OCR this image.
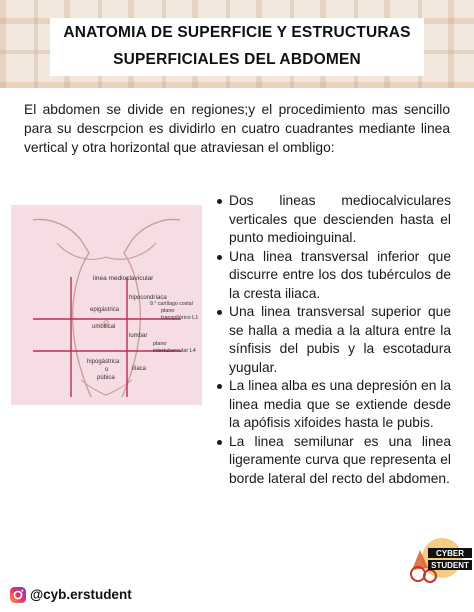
ANATOMIA DE SUPERFICIE Y ESTRUCTURAS
SUPERFICIALES DEL ABDOMEN
El abdomen se divide en regiones;y el procedimiento mas sencillo para su descrpcion es dividirlo en cuatro cuadrantes mediante linea vertical y otra horizontal que atraviesan el ombligo:
linea medioclavicular
hipocondríaca
9.° cartílago costal
plano
transpilórico L1
epigástrica
umbilical
lumbar
plano
intertubercular L4
hipogástrica
o
púbica
ilíaca
Dos lineas mediocalviculares verticales que descienden hasta el punto medioinguinal.
Una linea transversal inferior que discurre entre los dos tubérculos de la cresta iliaca.
Una linea transversal superior que se halla a media a la altura entre la sínfisis del pubis y la escotadura yugular.
La linea alba es una depresión en la linea media que se extiende desde la apófisis xifoides hasta le pubis.
La linea semilunar es una linea ligeramente curva que representa el borde lateral del recto del abdomen.
CYBER
STUDENT
@cyb.erstudent
